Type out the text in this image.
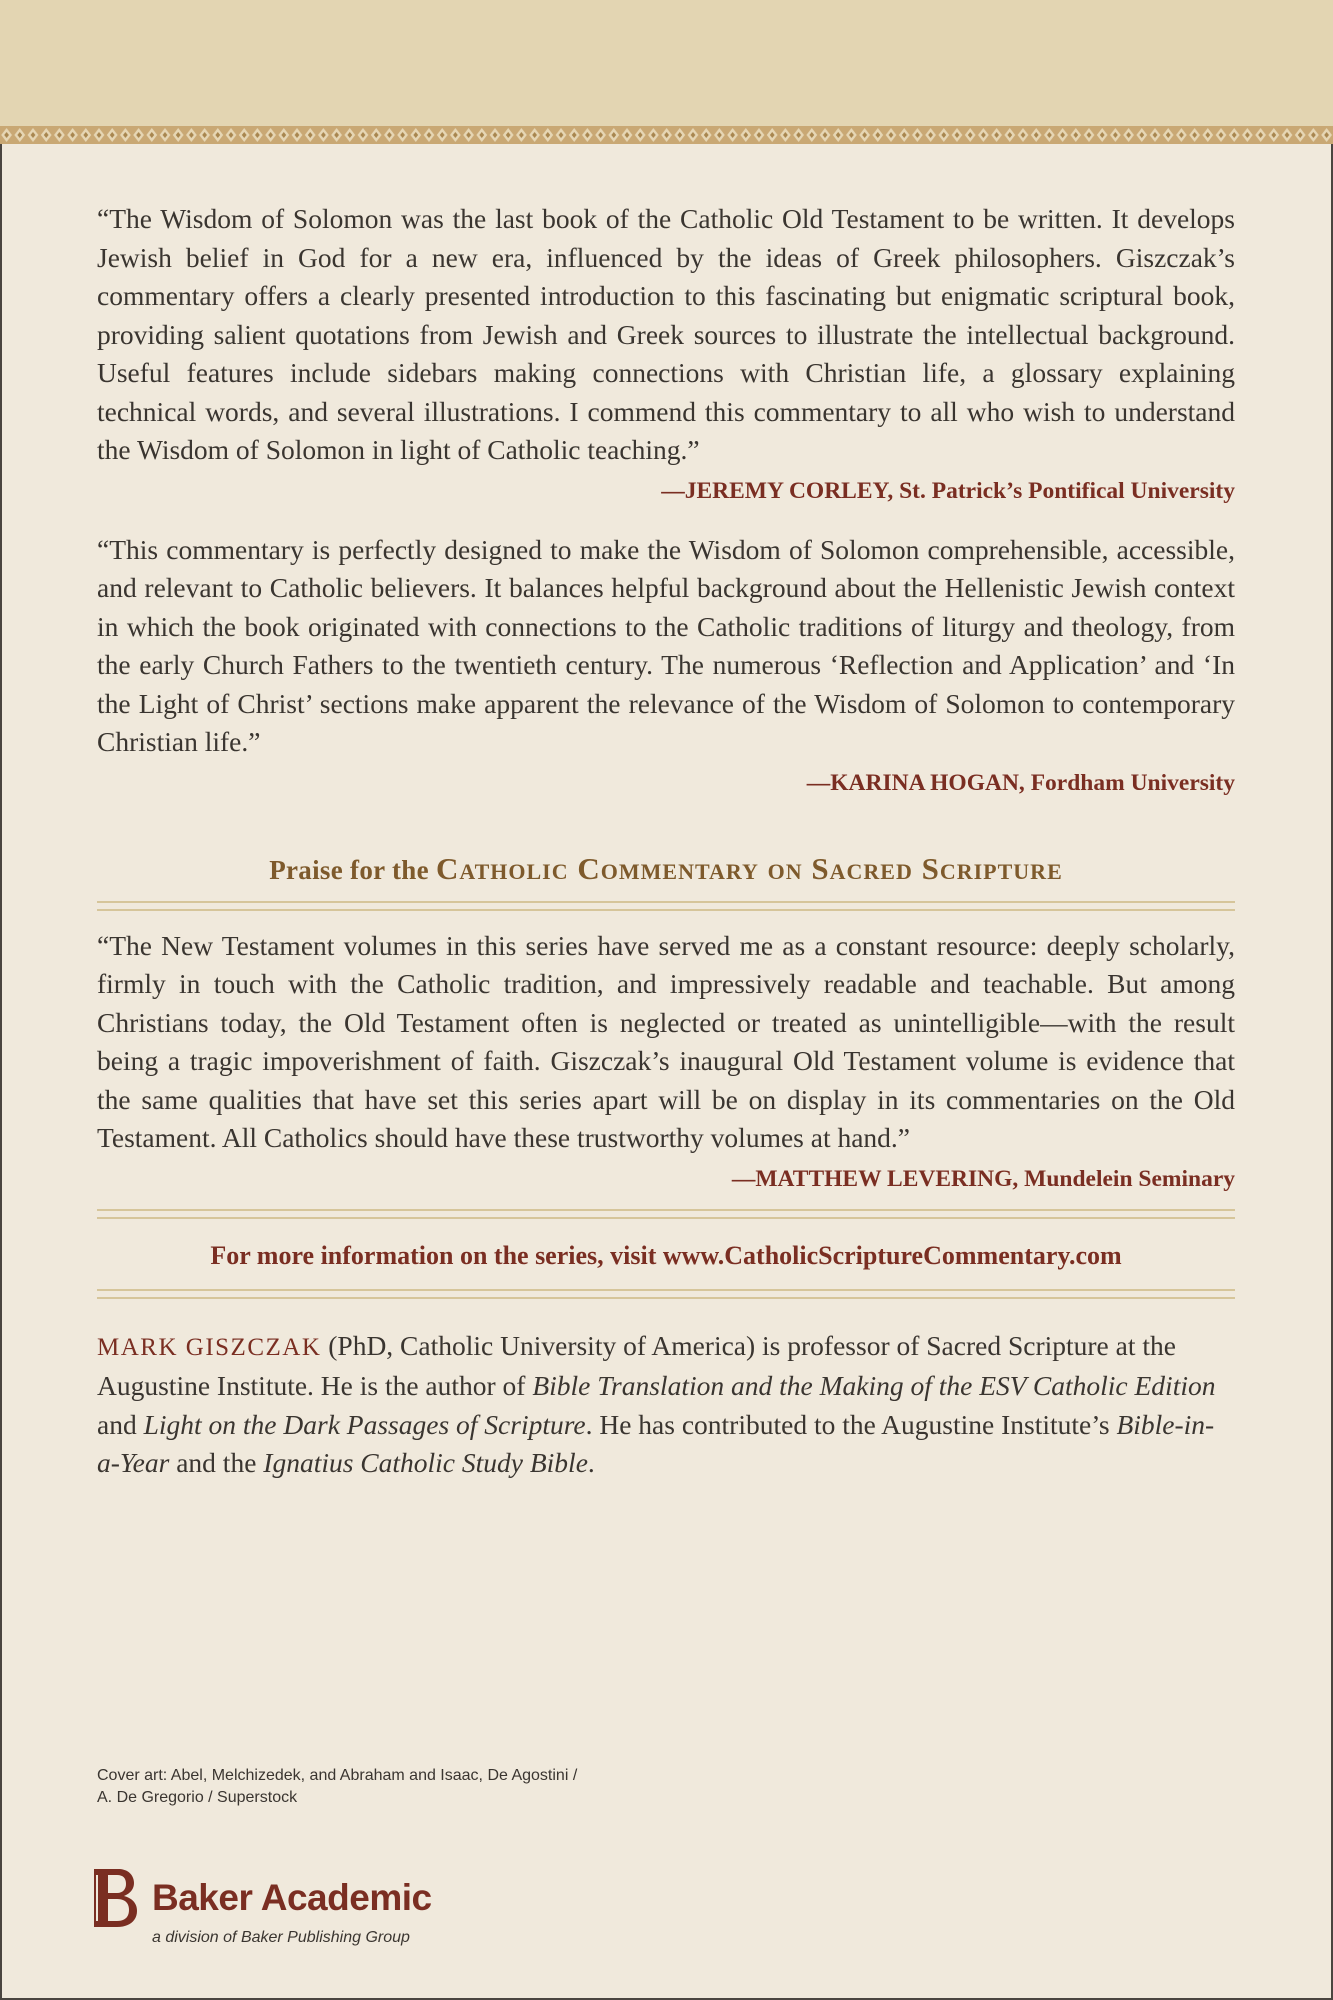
“The Wisdom of Solomon was the last book of the Catholic Old Testament to be written. It develops Jewish belief in God for a new era, influenced by the ideas of Greek philosophers. Giszczak’s commentary offers a clearly presented introduction to this fascinating but enigmatic scriptural book, providing salient quotations from Jewish and Greek sources to illustrate the intellectual background. Useful features include sidebars making connections with Christian life, a glossary explaining technical words, and several illustrations. I commend this commentary to all who wish to understand the Wisdom of Solomon in light of Catholic teaching.”

—JEREMY CORLEY, St. Patrick’s Pontifical University

“This commentary is perfectly designed to make the Wisdom of Solomon comprehensible, accessible, and relevant to Catholic believers. It balances helpful background about the Hellenistic Jewish context in which the book originated with connections to the Catholic traditions of liturgy and theology, from the early Church Fathers to the twentieth century. The numerous ‘Reflection and Application’ and ‘In the Light of Christ’ sections make apparent the relevance of the Wisdom of Solomon to contemporary Christian life.”

—KARINA HOGAN, Fordham University
Praise for the Catholic Commentary on Sacred Scripture

“The New Testament volumes in this series have served me as a constant resource: deeply scholarly, firmly in touch with the Catholic tradition, and impressively readable and teachable. But among Christians today, the Old Testament often is neglected or treated as unintelligible—with the result being a tragic impoverishment of faith. Giszczak’s inaugural Old Testament volume is evidence that the same qualities that have set this series apart will be on display in its commentaries on the Old Testament. All Catholics should have these trustworthy volumes at hand.”

—MATTHEW LEVERING, Mundelein Seminary
For more information on the series, visit www.CatholicScriptureCommentary.com

MARK GISZCZAK (PhD, Catholic University of America) is professor of Sacred Scripture at the Augustine Institute. He is the author of Bible Translation and the Making of the ESV Catholic Edition and Light on the Dark Passages of Scripture. He has contributed to the Augustine Institute’s Bible-in-a-Year and the Ignatius Catholic Study Bible.

Cover art: Abel, Melchizedek, and Abraham and Isaac, De Agostini /
A. De Gregorio / Superstock
Baker Academic
a division of Baker Publishing Group
